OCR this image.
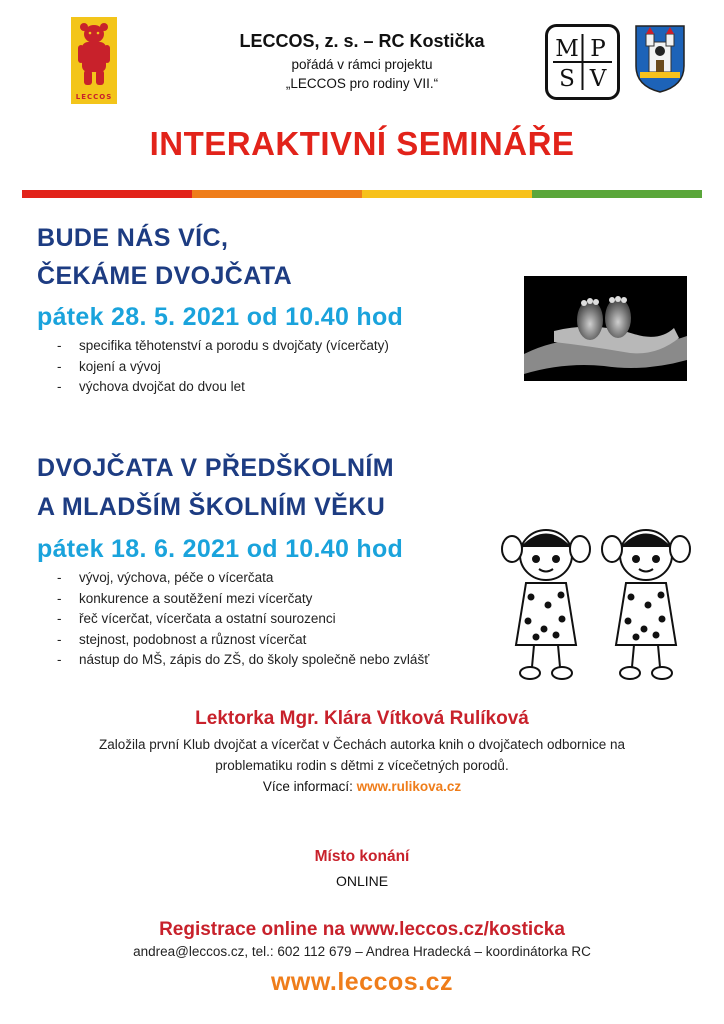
LECCOS
LECCOS, z. s. – RC Kostička
pořádá v rámci projektu
„LECCOS pro rodiny VII.“
M P
S V
INTERAKTIVNÍ SEMINÁŘE
BUDE NÁS VÍC,
ČEKÁME DVOJČATA
pátek 28. 5. 2021 od 10.40 hod
- specifika těhotenství a porodu s dvojčaty (vícerčaty)
- kojení a vývoj
- výchova dvojčat do dvou let
DVOJČATA V PŘEDŠKOLNÍM
A MLADŠÍM ŠKOLNÍM VĚKU
pátek 18. 6. 2021 od 10.40 hod
- vývoj, výchova, péče o vícerčata
- konkurence a soutěžení mezi vícerčaty
- řeč vícerčat, vícerčata a ostatní sourozenci
- stejnost, podobnost a různost vícerčat
- nástup do MŠ, zápis do ZŠ, do školy společně nebo zvlášť
Lektorka Mgr. Klára Vítková Rulíková
Založila první Klub dvojčat a vícerčat v Čechách autorka knih o dvojčatech odbornice na
problematiku rodin s dětmi z vícečetných porodů.
Více informací: www.rulikova.cz
Místo konání
ONLINE
Registrace online na www.leccos.cz/kosticka
andrea@leccos.cz, tel.: 602 112 679 – Andrea Hradecká – koordinátorka RC
www.leccos.cz
